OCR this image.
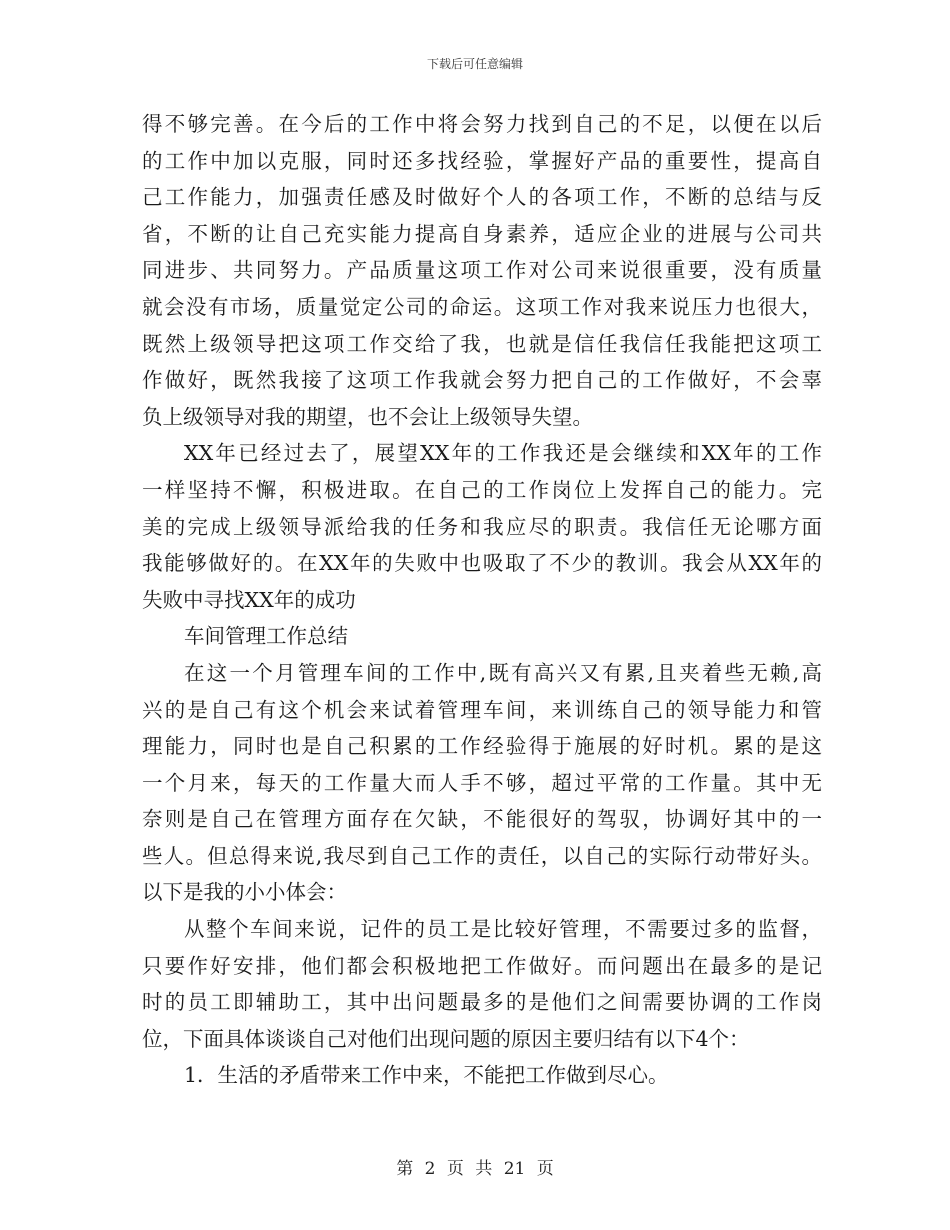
下载后可任意编辑
得不够完善。在今后的工作中将会努力找到自己的不足，以便在以后
的工作中加以克服，同时还多找经验，掌握好产品的重要性，提高自
己工作能力，加强责任感及时做好个人的各项工作，不断的总结与反
省，不断的让自己充实能力提高自身素养，适应企业的进展与公司共
同进步、共同努力。产品质量这项工作对公司来说很重要，没有质量
就会没有市场，质量觉定公司的命运。这项工作对我来说压力也很大，
既然上级领导把这项工作交给了我，也就是信任我信任我能把这项工
作做好，既然我接了这项工作我就会努力把自己的工作做好，不会辜
负上级领导对我的期望，也不会让上级领导失望。
XX年已经过去了，展望XX年的工作我还是会继续和XX年的工作
一样坚持不懈，积极进取。在自己的工作岗位上发挥自己的能力。完
美的完成上级领导派给我的任务和我应尽的职责。我信任无论哪方面
我能够做好的。在XX年的失败中也吸取了不少的教训。我会从XX年的
失败中寻找XX年的成功
车间管理工作总结
在这一个月管理车间的工作中,既有高兴又有累,且夹着些无赖,高
兴的是自己有这个机会来试着管理车间，来训练自己的领导能力和管
理能力，同时也是自己积累的工作经验得于施展的好时机。累的是这
一个月来，每天的工作量大而人手不够，超过平常的工作量。其中无
奈则是自己在管理方面存在欠缺，不能很好的驾驭，协调好其中的一
些人。但总得来说,我尽到自己工作的责任，以自己的实际行动带好头。
以下是我的小小体会：
从整个车间来说，记件的员工是比较好管理，不需要过多的监督，
只要作好安排，他们都会积极地把工作做好。而问题出在最多的是记
时的员工即辅助工，其中出问题最多的是他们之间需要协调的工作岗
位，下面具体谈谈自己对他们出现问题的原因主要归结有以下4个：
1．生活的矛盾带来工作中来，不能把工作做到尽心。
第 2 页 共 21 页
